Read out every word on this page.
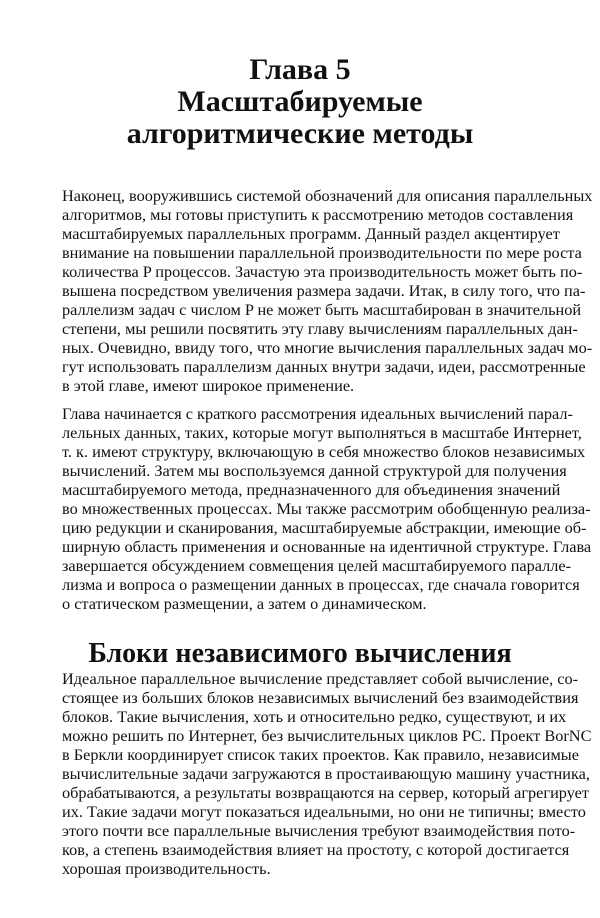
Глава 5
Масштабируемые
алгоритмические методы
Наконец, вооружившись системой обозначений для описания параллельных
алгоритмов, мы готовы приступить к рассмотрению методов составления
масштабируемых параллельных программ. Данный раздел акцентирует
внимание на повышении параллельной производительности по мере роста
количества P процессов. Зачастую эта производительность может быть по-
вышена посредством увеличения размера задачи. Итак, в силу того, что па-
раллелизм задач с числом P не может быть масштабирован в значительной
степени, мы решили посвятить эту главу вычислениям параллельных дан-
ных. Очевидно, ввиду того, что многие вычисления параллельных задач мо-
гут использовать параллелизм данных внутри задачи, идеи, рассмотренные
в этой главе, имеют широкое применение.
Глава начинается с краткого рассмотрения идеальных вычислений парал-
лельных данных, таких, которые могут выполняться в масштабе Интернет,
т. к. имеют структуру, включающую в себя множество блоков независимых
вычислений. Затем мы воспользуемся данной структурой для получения
масштабируемого метода, предназначенного для объединения значений
во множественных процессах. Мы также рассмотрим обобщенную реализа-
цию редукции и сканирования, масштабируемые абстракции, имеющие об-
ширную область применения и основанные на идентичной структуре. Глава
завершается обсуждением совмещения целей масштабируемого паралле-
лизма и вопроса о размещении данных в процессах, где сначала говорится
о статическом размещении, а затем о динамическом.
Блоки независимого вычисления
Идеальное параллельное вычисление представляет собой вычисление, со-
стоящее из больших блоков независимых вычислений без взаимодействия
блоков. Такие вычисления, хоть и относительно редко, существуют, и их
можно решить по Интернет, без вычислительных циклов PC. Проект BorNC
в Беркли координирует список таких проектов. Как правило, независимые
вычислительные задачи загружаются в простаивающую машину участника,
обрабатываются, а результаты возвращаются на сервер, который агрегирует
их. Такие задачи могут показаться идеальными, но они не типичны; вместо
этого почти все параллельные вычисления требуют взаимодействия пото-
ков, а степень взаимодействия влияет на простоту, с которой достигается
хорошая производительность.
